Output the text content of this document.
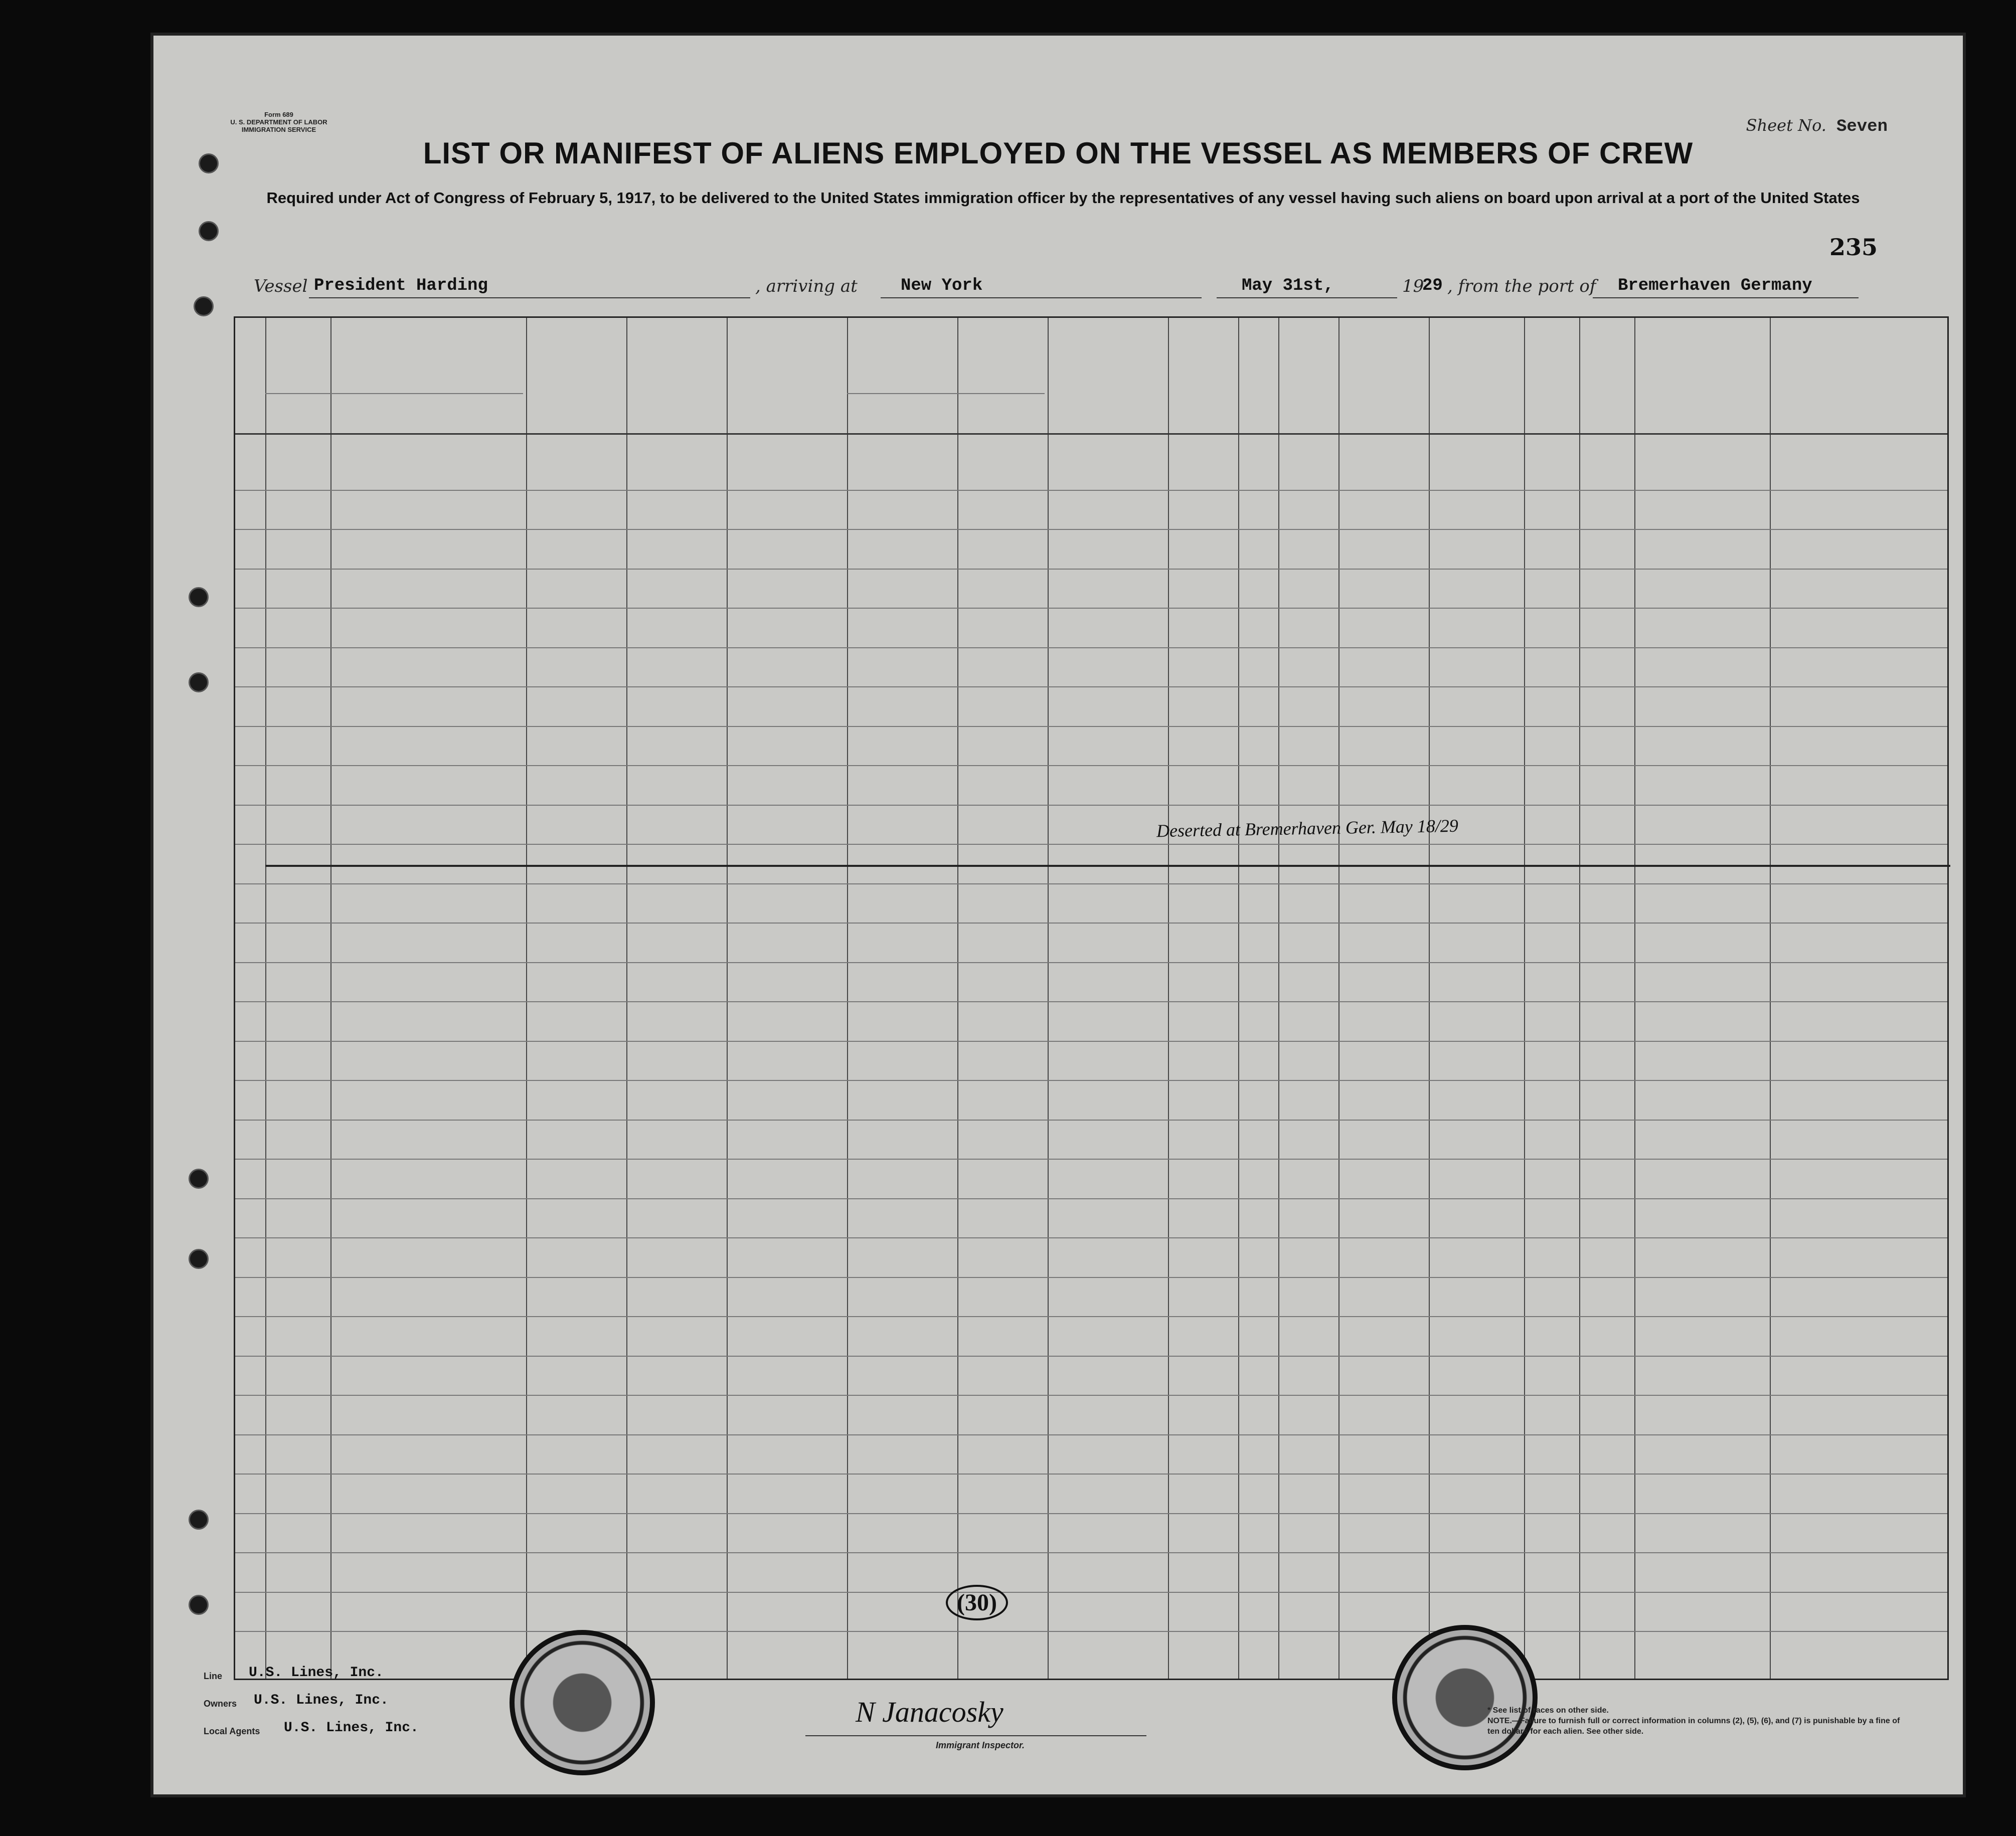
Form 689
U. S. DEPARTMENT OF LABOR
IMMIGRATION SERVICE	Sheet No. Seven
LIST OR MANIFEST OF ALIENS EMPLOYED ON THE VESSEL AS MEMBERS OF CREW
Required under Act of Congress of February 5, 1917, to be delivered to the United States immigration officer by the representatives of any vessel having such aliens on board upon arrival at a port of the United States
235
Vessel President Harding	, arriving at	New York	May 31st,	19
29 , from the port of Bremerhaven Germany
Deserted at Bremerhaven Ger. May 18/29
(30)
Line U.S. Lines, Inc.
Owners U.S. Lines, Inc.
Local Agents U.S. Lines, Inc.	N Janacosky
Immigrant Inspector.
* See list of races on other side.
NOTE.—Failure to furnish full or correct information in columns (2), (5), (6), and (7) is punishable by a fine of ten dollars for each alien. See other side.
